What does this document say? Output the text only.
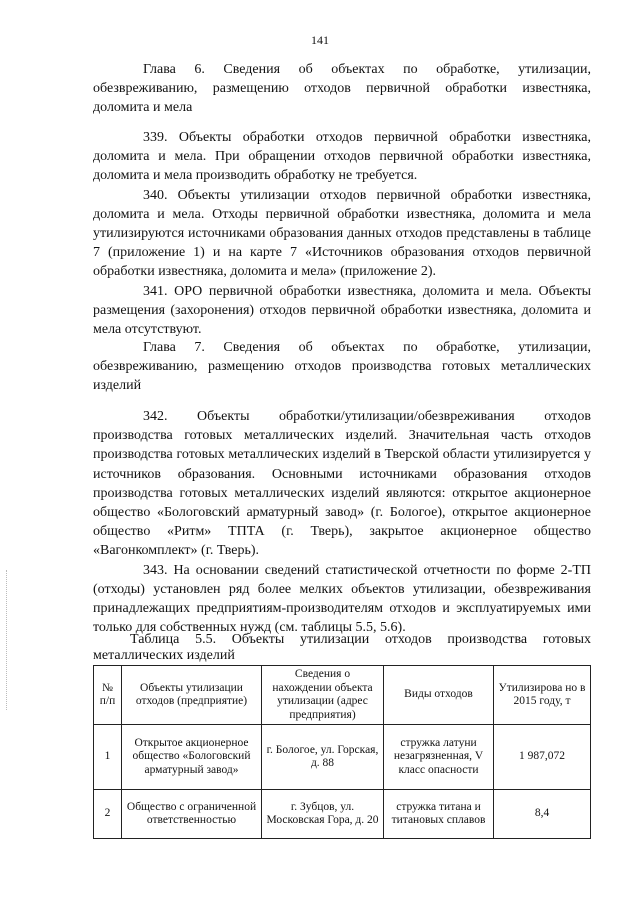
141

Глава 6. Сведения об объектах по обработке, утилизации, обезвреживанию, размещению отходов первичной обработки известняка, доломита и мела

339. Объекты обработки отходов первичной обработки известняка, доломита и мела. При обращении отходов первичной обработки известняка, доломита и мела производить обработку не требуется.

340. Объекты утилизации отходов первичной обработки известняка, доломита и мела. Отходы первичной обработки известняка, доломита и мела утилизируются источниками образования данных отходов представлены в таблице 7 (приложение 1) и на карте 7 «Источников образования отходов первичной обработки известняка, доломита и мела» (приложение 2).

341. ОРО первичной обработки известняка, доломита и мела. Объекты размещения (захоронения) отходов первичной обработки известняка, доломита и мела отсутствуют.

Глава 7. Сведения об объектах по обработке, утилизации, обезвреживанию, размещению отходов производства готовых металлических изделий

342. Объекты обработки/утилизации/обезвреживания отходов производства готовых металлических изделий. Значительная часть отходов производства готовых металлических изделий в Тверской области утилизируется у источников образования. Основными источниками образования отходов производства готовых металлических изделий являются: открытое акционерное общество «Бологовский арматурный завод» (г. Бологое), открытое акционерное общество «Ритм» ТПТА (г. Тверь), закрытое акционерное общество «Вагонкомплект» (г. Тверь).

343. На основании сведений статистической отчетности по форме 2-ТП (отходы) установлен ряд более мелких объектов утилизации, обезвреживания принадлежащих предприятиям-производителям отходов и эксплуатируемых ими только для собственных нужд (см. таблицы 5.5, 5.6).

Таблица 5.5. Объекты утилизации отходов производства готовых металлических изделий
№ п/п	Объекты утилизации отходов (предприятие)	Сведения о нахождении объекта утилизации (адрес предприятия)	Виды отходов	Утилизирова но в 2015 году, т
1	Открытое акционерное общество «Бологовский арматурный завод»	г. Бологое, ул. Горская, д. 88	стружка латуни незагрязненная, V класс опасности	1 987,072
2	Общество с ограниченной ответственностью	г. Зубцов, ул. Московская Гора, д. 20	стружка титана и титановых сплавов	8,4
